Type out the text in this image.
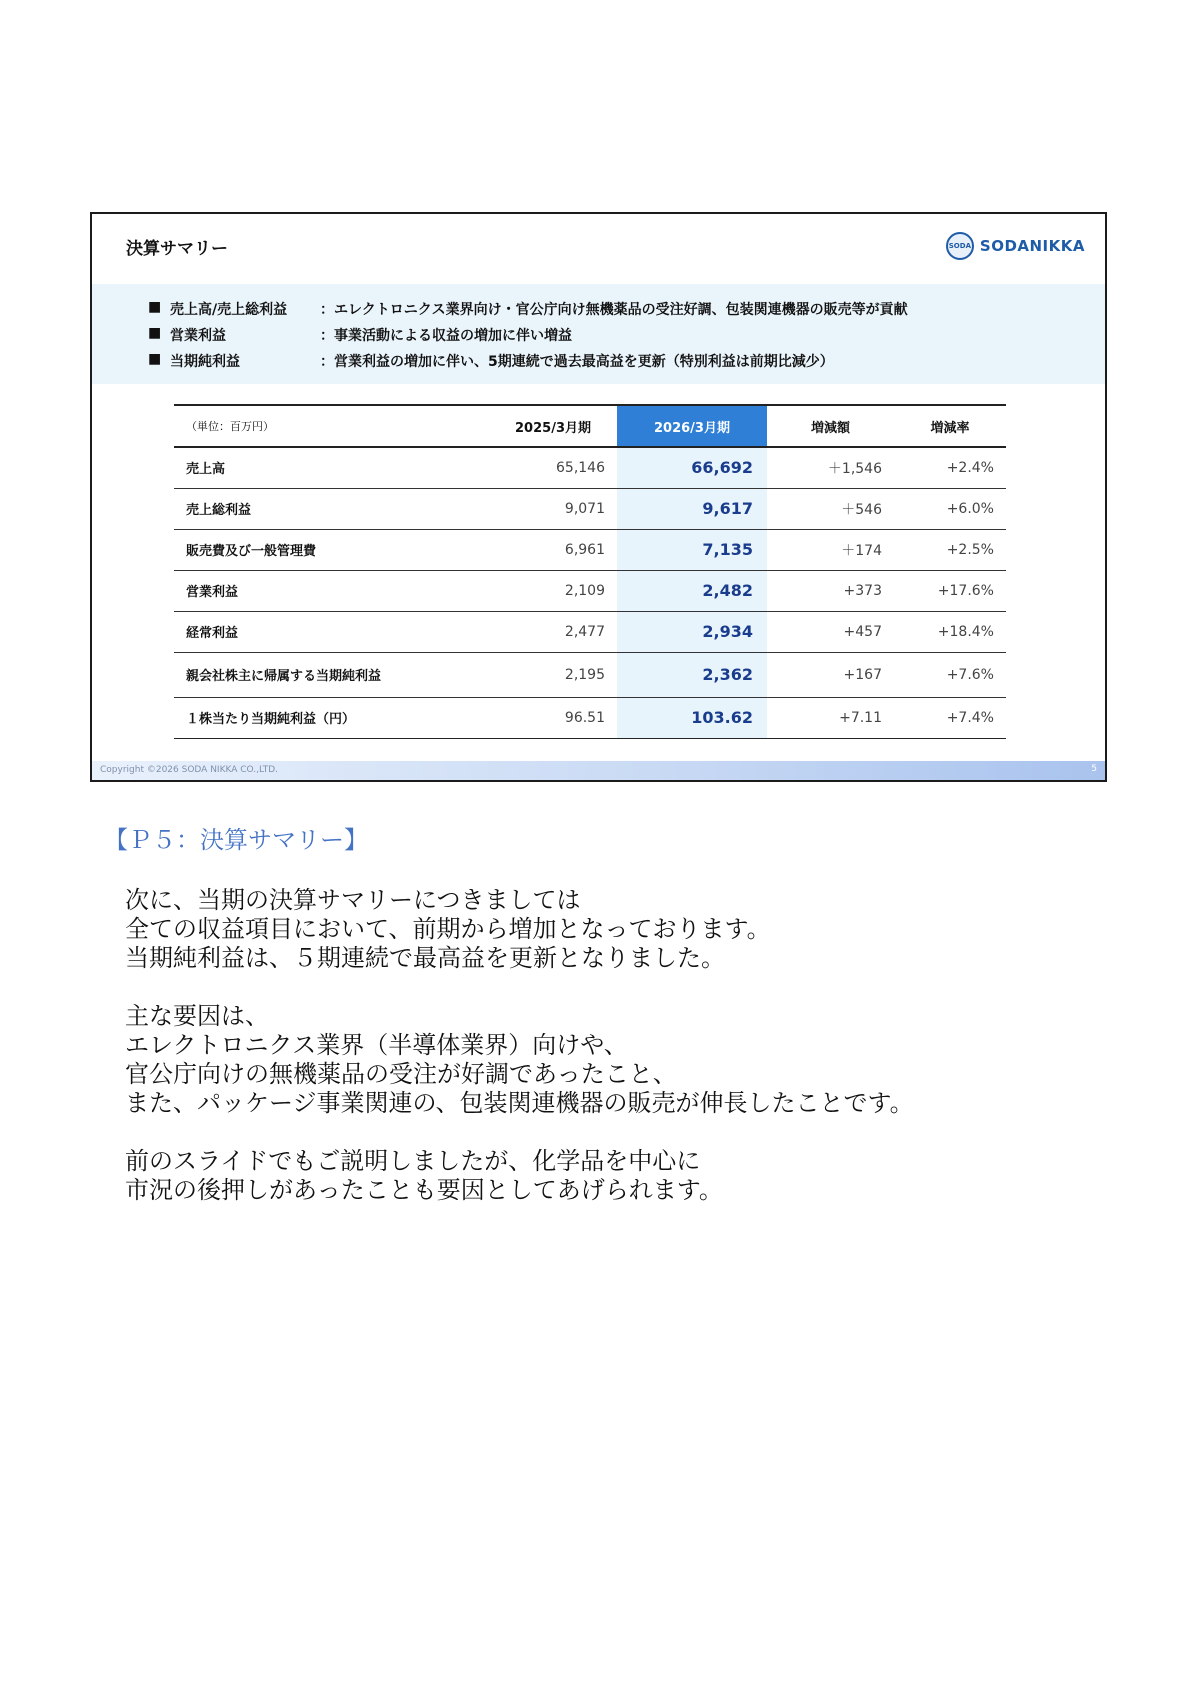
決算サマリー	SODA SODANIKKA
■ 売上高/売上総利益	：エレクトロニクス業界向け・官公庁向け無機薬品の受注好調、包装関連機器の販売等が貢献
■ 営業利益	：事業活動による収益の増加に伴い増益
■ 当期純利益	：営業利益の増加に伴い、5期連続で過去最高益を更新（特別利益は前期比減少）
（単位：百万円）	2025/3月期	2026/3月期	増減額	増減率
売上高	65,146	66,692	＋1,546	+2.4%
売上総利益	9,071	9,617	＋546	+6.0%
販売費及び一般管理費	6,961	7,135	＋174	+2.5%
営業利益	2,109	2,482	+373	+17.6%
経常利益	2,477	2,934	+457	+18.4%
親会社株主に帰属する当期純利益	2,195	2,362	+167	+7.6%
１株当たり当期純利益（円）	96.51	103.62	+7.11	+7.4%
Copyright ©2026 SODA NIKKA CO.,LTD.	5
【Ｐ５：決算サマリー】
次に、当期の決算サマリーにつきましては
全ての収益項目において、前期から増加となっております。
当期純利益は、５期連続で最高益を更新となりました。
主な要因は、
エレクトロニクス業界（半導体業界）向けや、
官公庁向けの無機薬品の受注が好調であったこと、
また、パッケージ事業関連の、包装関連機器の販売が伸長したことです。
前のスライドでもご説明しましたが、化学品を中心に
市況の後押しがあったことも要因としてあげられます。
